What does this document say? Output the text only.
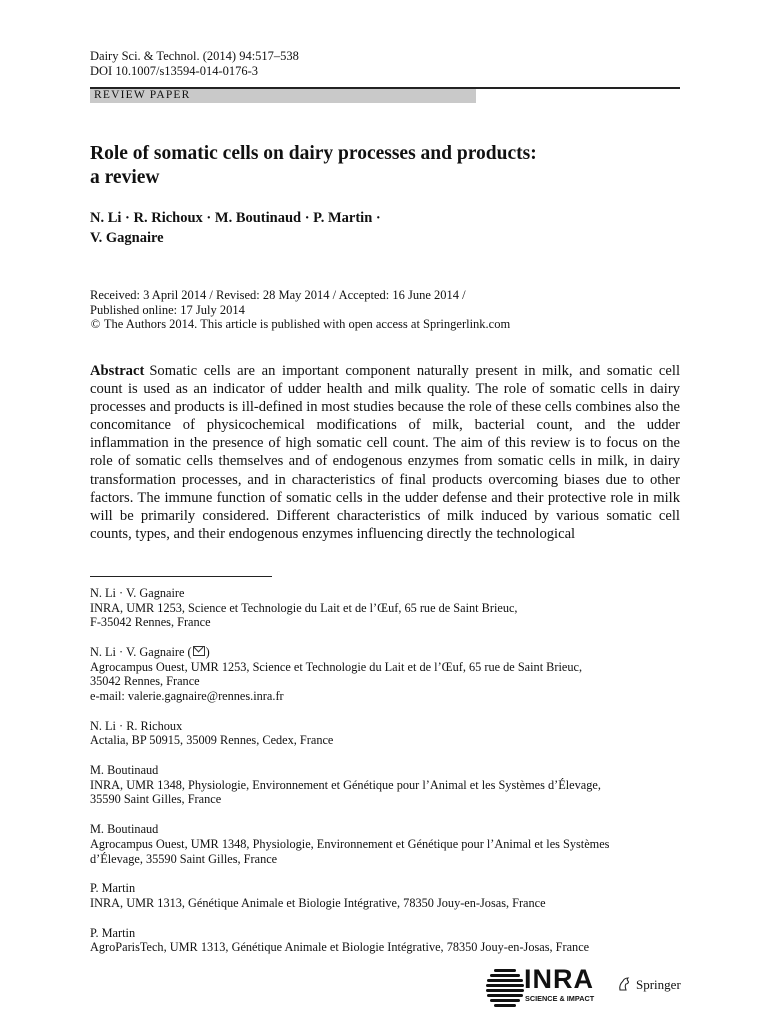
Dairy Sci. & Technol. (2014) 94:517–538
DOI 10.1007/s13594-014-0176-3
REVIEW PAPER
Role of somatic cells on dairy processes and products:
a review
N. Li · R. Richoux · M. Boutinaud · P. Martin ·
V. Gagnaire
Received: 3 April 2014 / Revised: 28 May 2014 / Accepted: 16 June 2014 /
Published online: 17 July 2014
© The Authors 2014. This article is published with open access at Springerlink.com

Abstract Somatic cells are an important component naturally present in milk, and somatic cell count is used as an indicator of udder health and milk quality. The role of somatic cells in dairy processes and products is ill-defined in most studies because the role of these cells combines also the concomitance of physicochemical modifications of milk, bacterial count, and the udder inflammation in the presence of high somatic cell count. The aim of this review is to focus on the role of somatic cells themselves and of endogenous enzymes from somatic cells in milk, in dairy transformation processes, and in characteristics of final products overcoming biases due to other factors. The immune function of somatic cells in the udder defense and their protective role in milk will be primarily considered. Different characteristics of milk induced by various somatic cell counts, types, and their endogenous enzymes influencing directly the technological

N. Li · V. Gagnaire
INRA, UMR 1253, Science et Technologie du Lait et de l’Œuf, 65 rue de Saint Brieuc,
F-35042 Rennes, France
N. Li · V. Gagnaire ( )
Agrocampus Ouest, UMR 1253, Science et Technologie du Lait et de l’Œuf, 65 rue de Saint Brieuc,
35042 Rennes, France
e-mail: valerie.gagnaire@rennes.inra.fr
N. Li · R. Richoux
Actalia, BP 50915, 35009 Rennes, Cedex, France
M. Boutinaud
INRA, UMR 1348, Physiologie, Environnement et Génétique pour l’Animal et les Systèmes d’Élevage,
35590 Saint Gilles, France
M. Boutinaud
Agrocampus Ouest, UMR 1348, Physiologie, Environnement et Génétique pour l’Animal et les Systèmes
d’Élevage, 35590 Saint Gilles, France
P. Martin
INRA, UMR 1313, Génétique Animale et Biologie Intégrative, 78350 Jouy-en-Josas, France
P. Martin
AgroParisTech, UMR 1313, Génétique Animale et Biologie Intégrative, 78350 Jouy-en-Josas, France
INRA
SCIENCE & IMPACT
Springer
